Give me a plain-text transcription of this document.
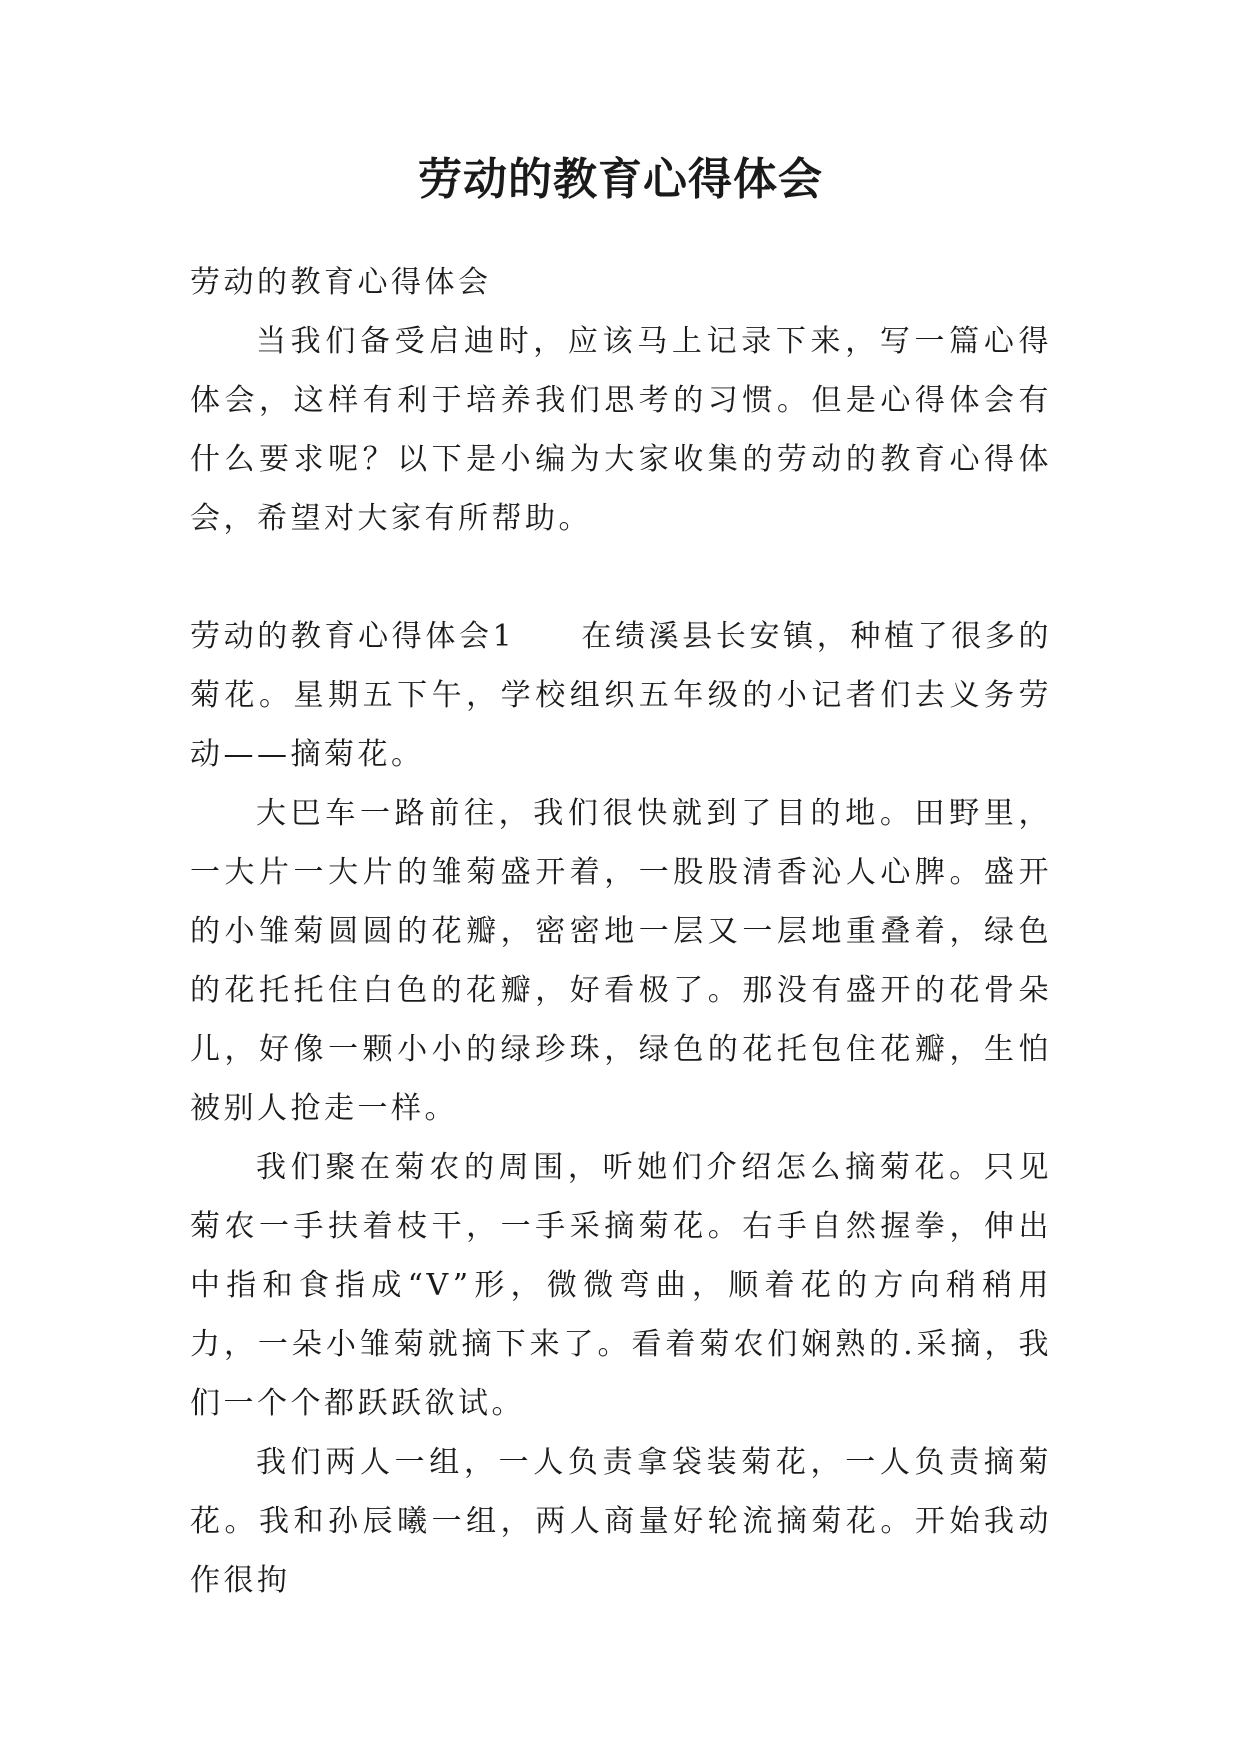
劳动的教育心得体会

劳动的教育心得体会

当我们备受启迪时，应该马上记录下来，写一篇心得体会，这样有利于培养我们思考的习惯。但是心得体会有什么要求呢？以下是小编为大家收集的劳动的教育心得体会，希望对大家有所帮助。

劳动的教育心得体会1 在绩溪县长安镇，种植了很多的菊花。星期五下午，学校组织五年级的小记者们去义务劳动——摘菊花。

大巴车一路前往，我们很快就到了目的地。田野里，一大片一大片的雏菊盛开着，一股股清香沁人心脾。盛开的小雏菊圆圆的花瓣，密密地一层又一层地重叠着，绿色的花托托住白色的花瓣，好看极了。那没有盛开的花骨朵儿，好像一颗小小的绿珍珠，绿色的花托包住花瓣，生怕被别人抢走一样。

我们聚在菊农的周围，听她们介绍怎么摘菊花。只见菊农一手扶着枝干，一手采摘菊花。右手自然握拳，伸出中指和食指成“V”形，微微弯曲，顺着花的方向稍稍用力，一朵小雏菊就摘下来了。看着菊农们娴熟的.采摘，我们一个个都跃跃欲试。

我们两人一组，一人负责拿袋装菊花，一人负责摘菊花。我和孙辰曦一组，两人商量好轮流摘菊花。开始我动作很拘
